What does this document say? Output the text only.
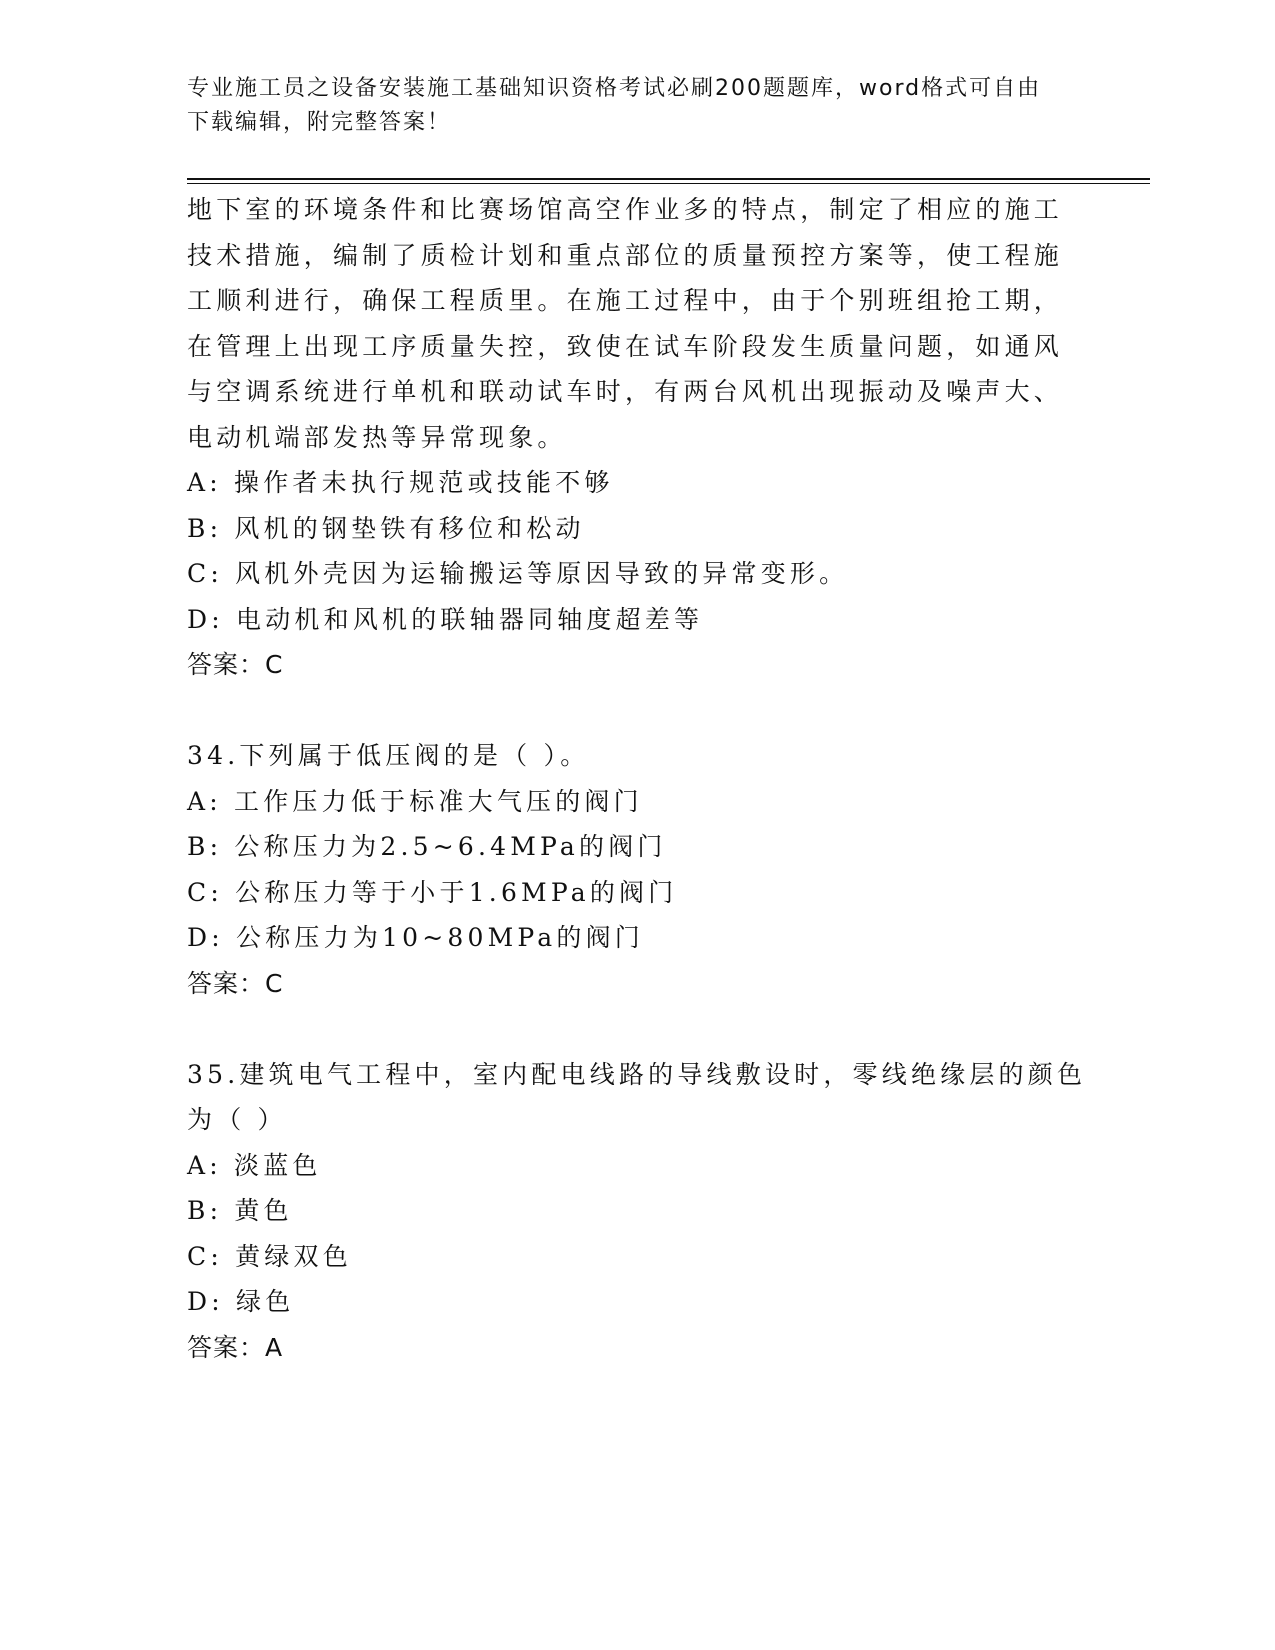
专业施工员之设备安装施工基础知识资格考试必刷200题题库，word格式可自由
下载编辑，附完整答案！
地下室的环境条件和比赛场馆高空作业多的特点，制定了相应的施工
技术措施，编制了质检计划和重点部位的质量预控方案等，使工程施
工顺利进行，确保工程质里。在施工过程中，由于个别班组抢工期，
在管理上出现工序质量失控，致使在试车阶段发生质量问题，如通风
与空调系统进行单机和联动试车时，有两台风机出现振动及噪声大、
电动机端部发热等异常现象。
A: 操作者未执行规范或技能不够
B: 风机的钢垫铁有移位和松动
C: 风机外壳因为运输搬运等原因导致的异常变形。
D: 电动机和风机的联轴器同轴度超差等
答案：C
34.下列属于低压阀的是（ ）。
A: 工作压力低于标准大气压的阀门
B: 公称压力为2.5~6.4MPa的阀门
C: 公称压力等于小于1.6MPa的阀门
D: 公称压力为10~80MPa的阀门
答案：C
35.建筑电气工程中，室内配电线路的导线敷设时，零线绝缘层的颜色
为（ ）
A: 淡蓝色
B: 黄色
C: 黄绿双色
D: 绿色
答案：A
